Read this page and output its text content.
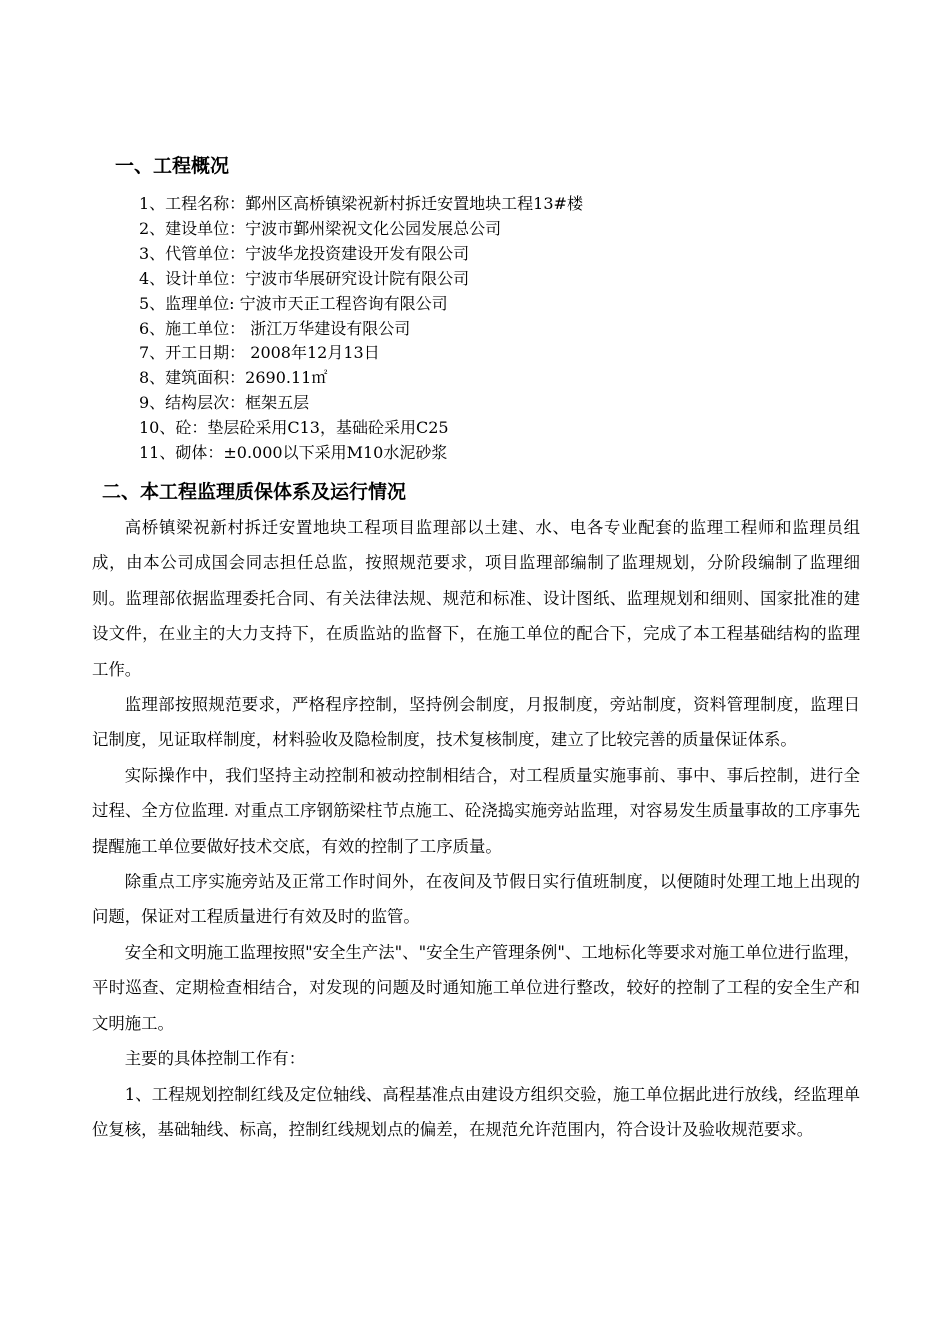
一、工程概况
1、工程名称：鄞州区高桥镇梁祝新村拆迁安置地块工程13#楼
2、建设单位：宁波市鄞州梁祝文化公园发展总公司
3、代管单位：宁波华龙投资建设开发有限公司
4、设计单位：宁波市华展研究设计院有限公司
5、监理单位: 宁波市天正工程咨询有限公司
6、施工单位： 浙江万华建设有限公司
7、开工日期： 2008年12月13日
8、建筑面积：2690.11㎡
9、结构层次：框架五层
10、砼：垫层砼采用C13，基础砼采用C25
11、砌体：±0.000以下采用M10水泥砂浆
二、本工程监理质保体系及运行情况

高桥镇梁祝新村拆迁安置地块工程项目监理部以土建、水、电各专业配套的监理工程师和监理员组成，由本公司成国会同志担任总监，按照规范要求，项目监理部编制了监理规划，分阶段编制了监理细则。监理部依据监理委托合同、有关法律法规、规范和标准、设计图纸、监理规划和细则、国家批准的建设文件，在业主的大力支持下，在质监站的监督下，在施工单位的配合下，完成了本工程基础结构的监理工作。

监理部按照规范要求，严格程序控制，坚持例会制度，月报制度，旁站制度，资料管理制度，监理日记制度，见证取样制度，材料验收及隐检制度，技术复核制度，建立了比较完善的质量保证体系。

实际操作中，我们坚持主动控制和被动控制相结合，对工程质量实施事前、事中、事后控制，进行全过程、全方位监理. 对重点工序钢筋梁柱节点施工、砼浇捣实施旁站监理，对容易发生质量事故的工序事先提醒施工单位要做好技术交底，有效的控制了工序质量。

除重点工序实施旁站及正常工作时间外，在夜间及节假日实行值班制度，以便随时处理工地上出现的问题，保证对工程质量进行有效及时的监管。

安全和文明施工监理按照"安全生产法"、"安全生产管理条例"、工地标化等要求对施工单位进行监理，平时巡查、定期检查相结合，对发现的问题及时通知施工单位进行整改，较好的控制了工程的安全生产和文明施工。

主要的具体控制工作有：

1、工程规划控制红线及定位轴线、高程基准点由建设方组织交验，施工单位据此进行放线，经监理单位复核，基础轴线、标高，控制红线规划点的偏差，在规范允许范围内，符合设计及验收规范要求。
